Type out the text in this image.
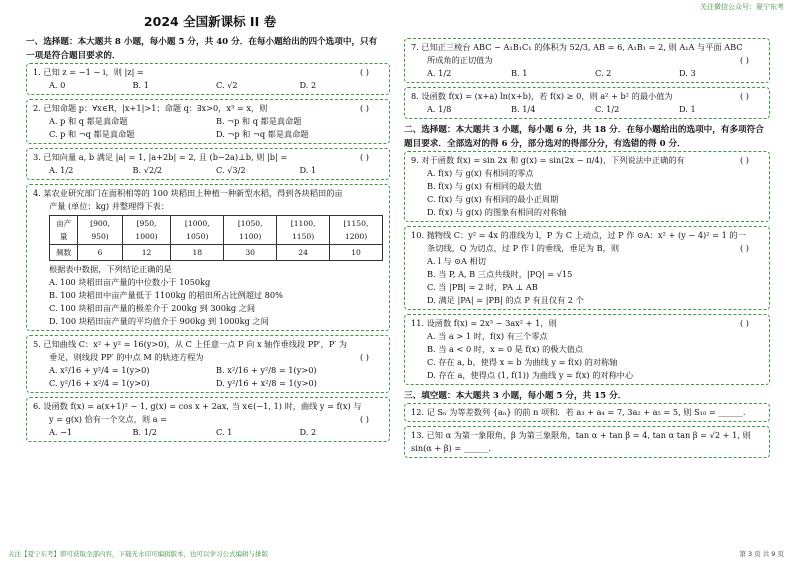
关注微信公众号：夏宁东考
2024 全国新课标 II 卷
一、选择题：本大题共 8 小题，每小题 5 分，共 40 分．在每小题给出的四个选项中，只有
一项是符合题目要求的．
( )
1. 已知 z = −1 − i，则 |z| =
A. 0	B. 1	C. √2	D. 2
( )
2. 已知命题 p：∀x∈R，|x+1|>1；命题 q：∃x>0，x³ = x，则
A. p 和 q 都是真命题	B. ¬p 和 q 都是真命题
C. p 和 ¬q 都是真命题	D. ¬p 和 ¬q 都是真命题
( )
3. 已知向量 a, b 满足 |a| = 1, |a+2b| = 2, 且 (b−2a)⊥b, 则 |b| =
A. 1/2	B. √2/2	C. √3/2	D. 1
4. 某农业研究部门在面积相等的 100 块稻田上种植一种新型水稻，得到各块稻田的亩
产量 (单位：kg) 并整理得下表：
亩产量	[900, 950)	[950, 1000)	[1000, 1050)	[1050, 1100)	[1100, 1150)	[1150, 1200)
频数	6	12	18	30	24	10
根据表中数据，下列结论正确的是
A. 100 块稻田亩产量的中位数小于 1050kg
B. 100 块稻田中亩产量低于 1100kg 的稻田所占比例超过 80%
C. 100 块稻田亩产量的极差介于 200kg 到 300kg 之间
D. 100 块稻田亩产量的平均值介于 900kg 到 1000kg 之间
( )
5. 已知曲线 C：x² + y² = 16(y>0)，从 C 上任意一点 P 向 x 轴作垂线段 PP′，P′ 为
垂足，则线段 PP′ 的中点 M 的轨迹方程为
A. x²/16 + y²/4 = 1(y>0)	B. x²/16 + y²/8 = 1(y>0)
C. y²/16 + x²/4 = 1(y>0)	D. y²/16 + x²/8 = 1(y>0)
( )
6. 设函数 f(x) = a(x+1)² − 1, g(x) = cos x + 2ax, 当 x∈(−1, 1) 时，曲线 y = f(x) 与
y = g(x) 恰有一个交点，则 a =
A. −1	B. 1/2	C. 1	D. 2
( )
7. 已知正三棱台 ABC − A₁B₁C₁ 的体积为 52/3, AB = 6, A₁B₁ = 2, 则 A₁A 与平面 ABC
所成角的正切值为
A. 1/2	B. 1	C. 2	D. 3
( )
8. 设函数 f(x) = (x+a) ln(x+b)，若 f(x) ≥ 0，则 a² + b² 的最小值为
A. 1/8	B. 1/4	C. 1/2	D. 1
二、选择题：本大题共 3 小题，每小题 6 分，共 18 分．在每小题给出的选项中，有多项符合
题目要求．全部选对的得 6 分，部分选对的得部分分，有选错的得 0 分．
( )
9. 对于函数 f(x) = sin 2x 和 g(x) = sin(2x − π/4)，下列说法中正确的有
A. f(x) 与 g(x) 有相同的零点
B. f(x) 与 g(x) 有相同的最大值
C. f(x) 与 g(x) 有相同的最小正周期
D. f(x) 与 g(x) 的图象有相同的对称轴
( )
10. 抛物线 C：y² = 4x 的准线为 l，P 为 C 上动点，过 P 作 ⊙A：x² + (y − 4)² = 1 的一
条切线，Q 为切点，过 P 作 l 的垂线，垂足为 B，则
A. l 与 ⊙A 相切
B. 当 P, A, B 三点共线时，|PQ| = √15
C. 当 |PB| = 2 时，PA ⊥ AB
D. 满足 |PA| = |PB| 的点 P 有且仅有 2 个
( )
11. 设函数 f(x) = 2x³ − 3ax² + 1，则
A. 当 a > 1 时，f(x) 有三个零点
B. 当 a < 0 时，x = 0 是 f(x) 的极大值点
C. 存在 a, b，使得 x = b 为曲线 y = f(x) 的对称轴
D. 存在 a，使得点 (1, f(1)) 为曲线 y = f(x) 的对称中心
三、填空题：本大题共 3 小题，每小题 5 分，共 15 分．
12. 记 Sₙ 为等差数列 {aₙ} 的前 n 项和．若 a₃ + a₄ = 7, 3a₂ + a₅ = 5, 则 S₁₀ = ______.
13. 已知 α 为第一象限角，β 为第三象限角，tan α + tan β = 4, tan α tan β = √2 + 1, 则
sin(α + β) = ______.
关注【夏宁东考】即可获取全部内容，下载无水印可编辑版本，也可以学习公式编辑与排版	第 3 页 共 9 页
